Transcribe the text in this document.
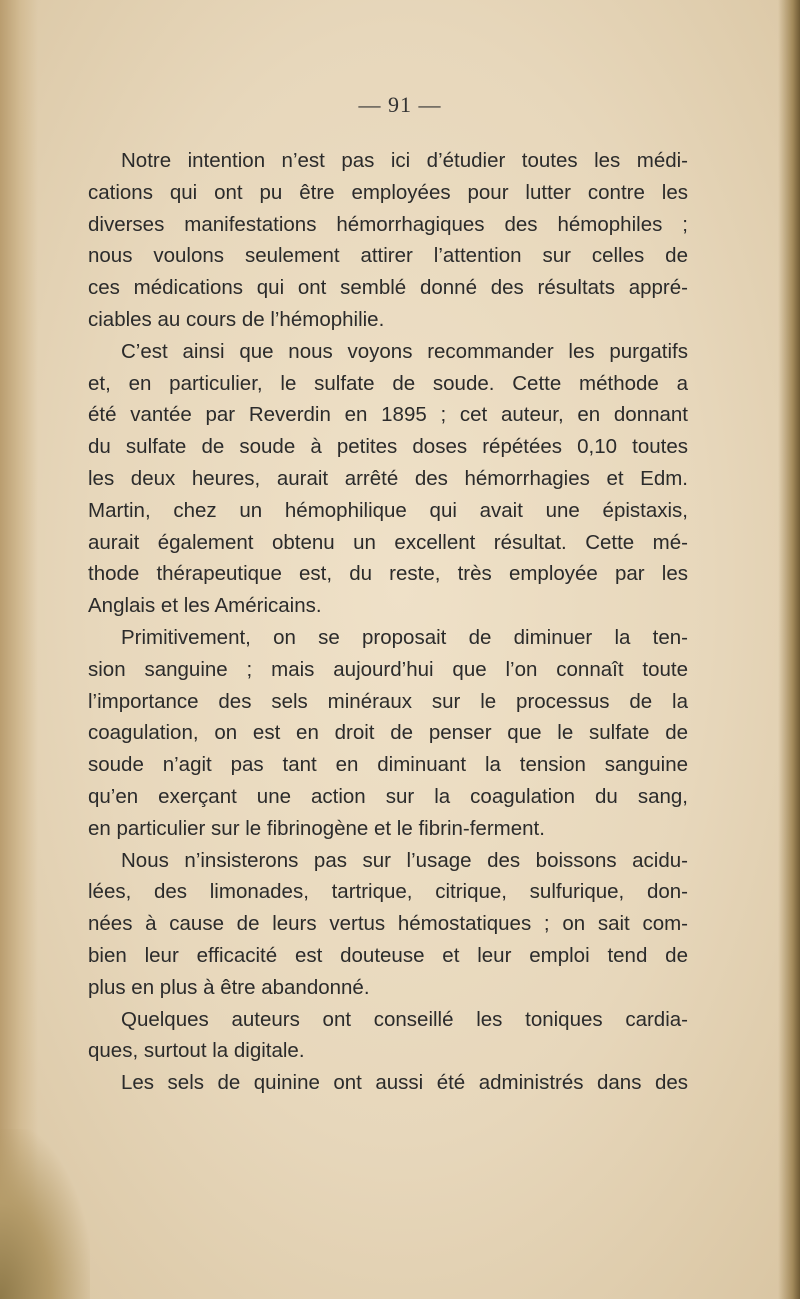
— 91 —
Notre intention n’est pas ici d’étudier toutes les médi-
cations qui ont pu être employées pour lutter contre les
diverses manifestations hémorrhagiques des hémophiles ;
nous voulons seulement attirer l’attention sur celles de
ces médications qui ont semblé donné des résultats appré-
ciables au cours de l’hémophilie.
C’est ainsi que nous voyons recommander les purgatifs
et, en particulier, le sulfate de soude. Cette méthode a
été vantée par Reverdin en 1895 ; cet auteur, en donnant
du sulfate de soude à petites doses répétées 0,10 toutes
les deux heures, aurait arrêté des hémorrhagies et Edm.
Martin, chez un hémophilique qui avait une épistaxis,
aurait également obtenu un excellent résultat. Cette mé-
thode thérapeutique est, du reste, très employée par les
Anglais et les Américains.
Primitivement, on se proposait de diminuer la ten-
sion sanguine ; mais aujourd’hui que l’on connaît toute
l’importance des sels minéraux sur le processus de la
coagulation, on est en droit de penser que le sulfate de
soude n’agit pas tant en diminuant la tension sanguine
qu’en exerçant une action sur la coagulation du sang,
en particulier sur le fibrinogène et le fibrin-ferment.
Nous n’insisterons pas sur l’usage des boissons acidu-
lées, des limonades, tartrique, citrique, sulfurique, don-
nées à cause de leurs vertus hémostatiques ; on sait com-
bien leur efficacité est douteuse et leur emploi tend de
plus en plus à être abandonné.
Quelques auteurs ont conseillé les toniques cardia-
ques, surtout la digitale.
Les sels de quinine ont aussi été administrés dans des
